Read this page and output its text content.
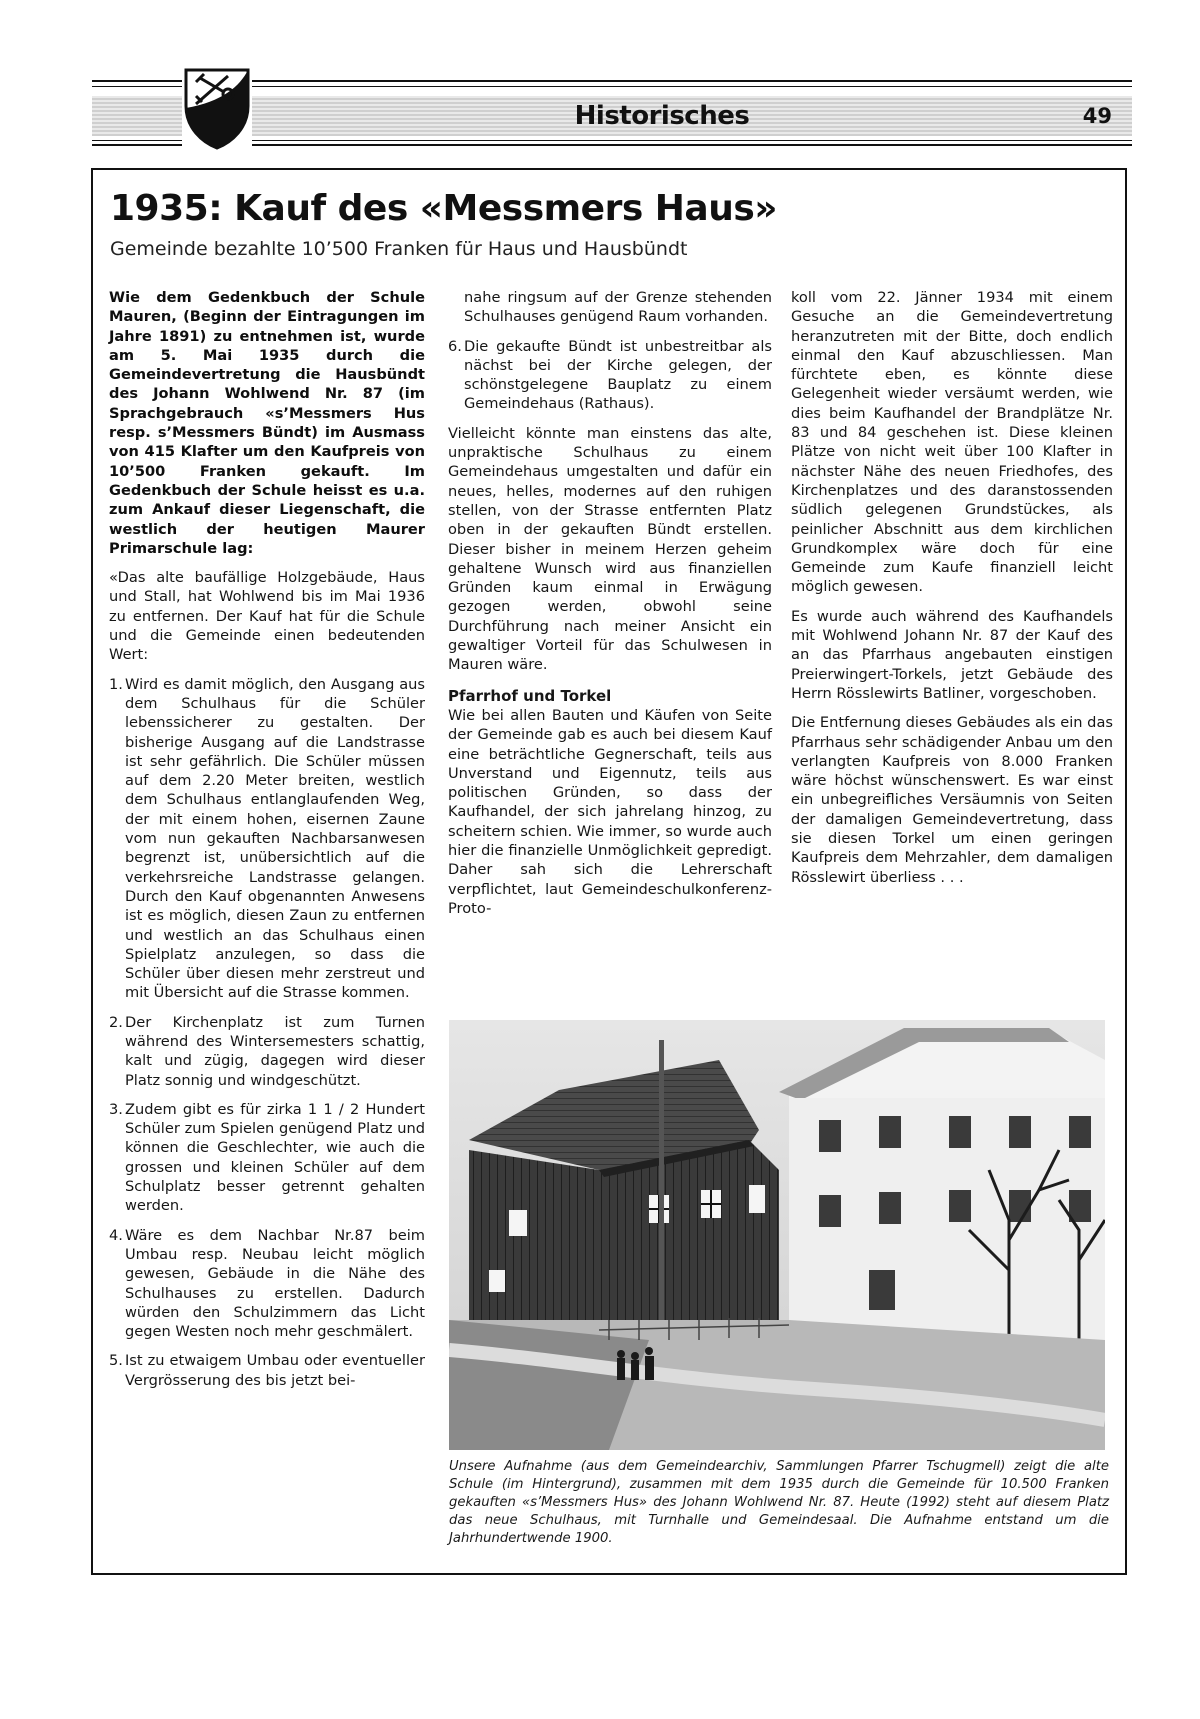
Historisches	49
1935: Kauf des «Messmers Haus»
Gemeinde bezahlte 10’500 Franken für Haus und Hausbündt

Wie dem Gedenkbuch der Schule Mauren, (Beginn der Eintragungen im Jahre 1891) zu entnehmen ist, wurde am 5. Mai 1935 durch die Gemeindevertretung die Hausbündt des Johann Wohlwend Nr. 87 (im Sprachgebrauch «s’Messmers Hus resp. s’Messmers Bündt) im Ausmass von 415 Klafter um den Kaufpreis von 10’500 Franken gekauft. Im Gedenkbuch der Schule heisst es u.a. zum Ankauf dieser Liegenschaft, die westlich der heutigen Maurer Primarschule lag:

«Das alte baufällige Holzgebäude, Haus und Stall, hat Wohlwend bis im Mai 1936 zu entfernen. Der Kauf hat für die Schule und die Gemeinde einen bedeutenden Wert:

1. Wird es damit möglich, den Ausgang aus dem Schulhaus für die Schüler lebenssicherer zu gestalten. Der bisherige Ausgang auf die Landstrasse ist sehr gefährlich. Die Schüler müssen auf dem 2.20 Meter breiten, westlich dem Schulhaus entlanglaufenden Weg, der mit einem hohen, eisernen Zaune vom nun gekauften Nachbarsanwesen begrenzt ist, unübersichtlich auf die verkehrsreiche Landstrasse gelangen. Durch den Kauf obgenannten Anwesens ist es möglich, diesen Zaun zu entfernen und westlich an das Schulhaus einen Spielplatz anzulegen, so dass die Schüler über diesen mehr zerstreut und mit Übersicht auf die Strasse kommen.
2. Der Kirchenplatz ist zum Turnen während des Wintersemesters schattig, kalt und zügig, dagegen wird dieser Platz sonnig und windgeschützt.
3. Zudem gibt es für zirka 1 1 / 2 Hundert Schüler zum Spielen genügend Platz und können die Geschlechter, wie auch die grossen und kleinen Schüler auf dem Schulplatz besser getrennt gehalten werden.
4. Wäre es dem Nachbar Nr.87 beim Umbau resp. Neubau leicht möglich gewesen, Gebäude in die Nähe des Schulhauses zu erstellen. Dadurch würden den Schulzimmern das Licht gegen Westen noch mehr geschmälert.
5. Ist zu etwaigem Umbau oder eventueller Vergrösserung des bis jetzt bei-

nahe ringsum auf der Grenze stehenden Schulhauses genügend Raum vorhanden.

6. Die gekaufte Bündt ist unbestreitbar als nächst bei der Kirche gelegen, der schönstgelegene Bauplatz zu einem Gemeindehaus (Rathaus).

Vielleicht könnte man einstens das alte, unpraktische Schulhaus zu einem Gemeindehaus umgestalten und dafür ein neues, helles, modernes auf den ruhigen stellen, von der Strasse entfernten Platz oben in der gekauften Bündt erstellen. Dieser bisher in meinem Herzen geheim gehaltene Wunsch wird aus finanziellen Gründen kaum einmal in Erwägung gezogen werden, obwohl seine Durchführung nach meiner Ansicht ein gewaltiger Vorteil für das Schulwesen in Mauren wäre.

Pfarrhof und Torkel

Wie bei allen Bauten und Käufen von Seite der Gemeinde gab es auch bei diesem Kauf eine beträchtliche Gegnerschaft, teils aus Unverstand und Eigennutz, teils aus politischen Gründen, so dass der Kaufhandel, der sich jahrelang hinzog, zu scheitern schien. Wie immer, so wurde auch hier die finanzielle Unmöglichkeit gepredigt. Daher sah sich die Lehrerschaft verpflichtet, laut Gemeindeschulkonferenz-Proto-

koll vom 22. Jänner 1934 mit einem Gesuche an die Gemeindevertretung heranzutreten mit der Bitte, doch endlich einmal den Kauf abzuschliessen. Man fürchtete eben, es könnte diese Gelegenheit wieder versäumt werden, wie dies beim Kaufhandel der Brandplätze Nr. 83 und 84 geschehen ist. Diese kleinen Plätze von nicht weit über 100 Klafter in nächster Nähe des neuen Friedhofes, des Kirchenplatzes und des daranstossenden südlich gelegenen Grundstückes, als peinlicher Abschnitt aus dem kirchlichen Grundkomplex wäre doch für eine Gemeinde zum Kaufe finanziell leicht möglich gewesen.

Es wurde auch während des Kaufhandels mit Wohlwend Johann Nr. 87 der Kauf des an das Pfarrhaus angebauten einstigen Preierwingert-Torkels, jetzt Gebäude des Herrn Rösslewirts Batliner, vorgeschoben.

Die Entfernung dieses Gebäudes als ein das Pfarrhaus sehr schädigender Anbau um den verlangten Kaufpreis von 8.000 Franken wäre höchst wünschenswert. Es war einst ein unbegreifliches Versäumnis von Seiten der damaligen Gemeindevertretung, dass sie diesen Torkel um einen geringen Kaufpreis dem Mehrzahler, dem damaligen Rösslewirt überliess . . .

Unsere Aufnahme (aus dem Gemeindearchiv, Sammlungen Pfarrer Tschugmell) zeigt die alte Schule (im Hintergrund), zusammen mit dem 1935 durch die Gemeinde für 10.500 Franken gekauften «s’Messmers Hus» des Johann Wohlwend Nr. 87. Heute (1992) steht auf diesem Platz das neue Schulhaus, mit Turnhalle und Gemeindesaal. Die Aufnahme entstand um die Jahrhundertwende 1900.
